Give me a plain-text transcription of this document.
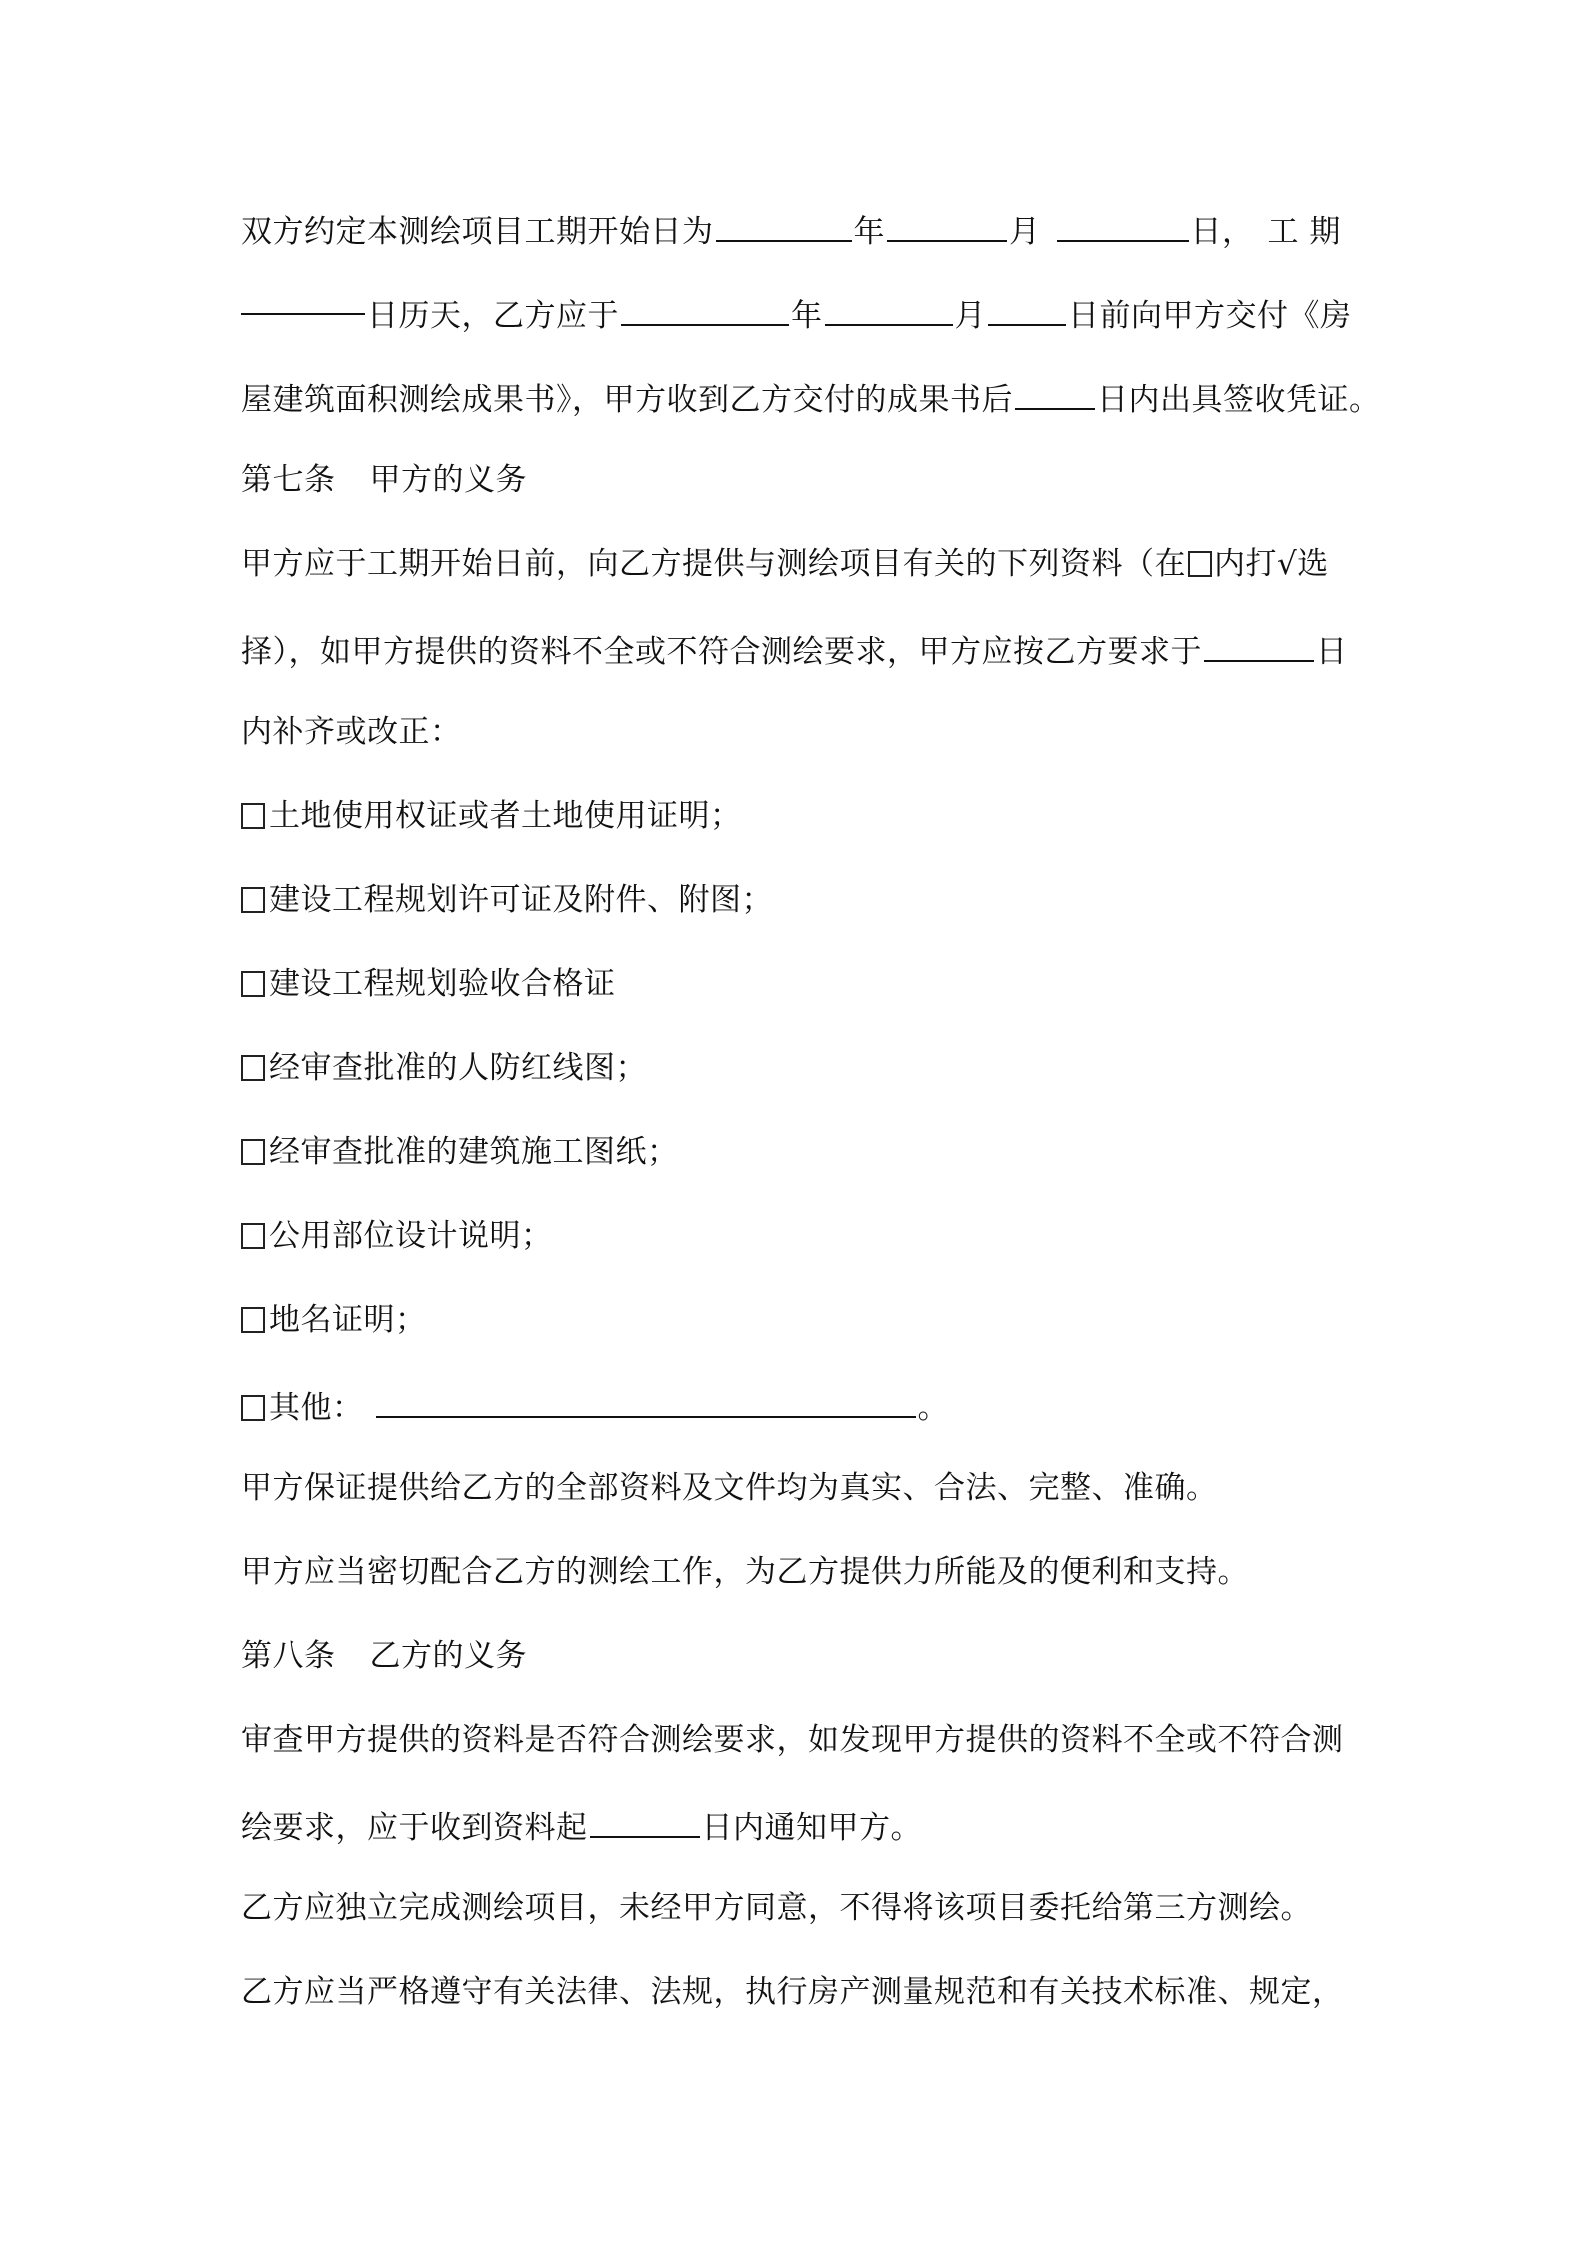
双方约定本测绘项目工期开始日为	年	月	日， 工 期
日历天，乙方应于	年	月	日前向甲方交付《房
屋建筑面积测绘成果书》，甲方收到乙方交付的成果书后	日内出具签收凭证。
第七条 甲方的义务
甲方应于工期开始日前，向乙方提供与测绘项目有关的下列资料（在 内打√选
择），如甲方提供的资料不全或不符合测绘要求，甲方应按乙方要求于	日
内补齐或改正：
土地使用权证或者土地使用证明；
建设工程规划许可证及附件、附图；
建设工程规划验收合格证
经审查批准的人防红线图；
经审查批准的建筑施工图纸；
公用部位设计说明；
地名证明；
其他：	。
甲方保证提供给乙方的全部资料及文件均为真实、合法、完整、准确。
甲方应当密切配合乙方的测绘工作，为乙方提供力所能及的便利和支持。
第八条 乙方的义务
审查甲方提供的资料是否符合测绘要求，如发现甲方提供的资料不全或不符合测
绘要求，应于收到资料起	日内通知甲方。
乙方应独立完成测绘项目，未经甲方同意，不得将该项目委托给第三方测绘。
乙方应当严格遵守有关法律、法规，执行房产测量规范和有关技术标准、规定，
